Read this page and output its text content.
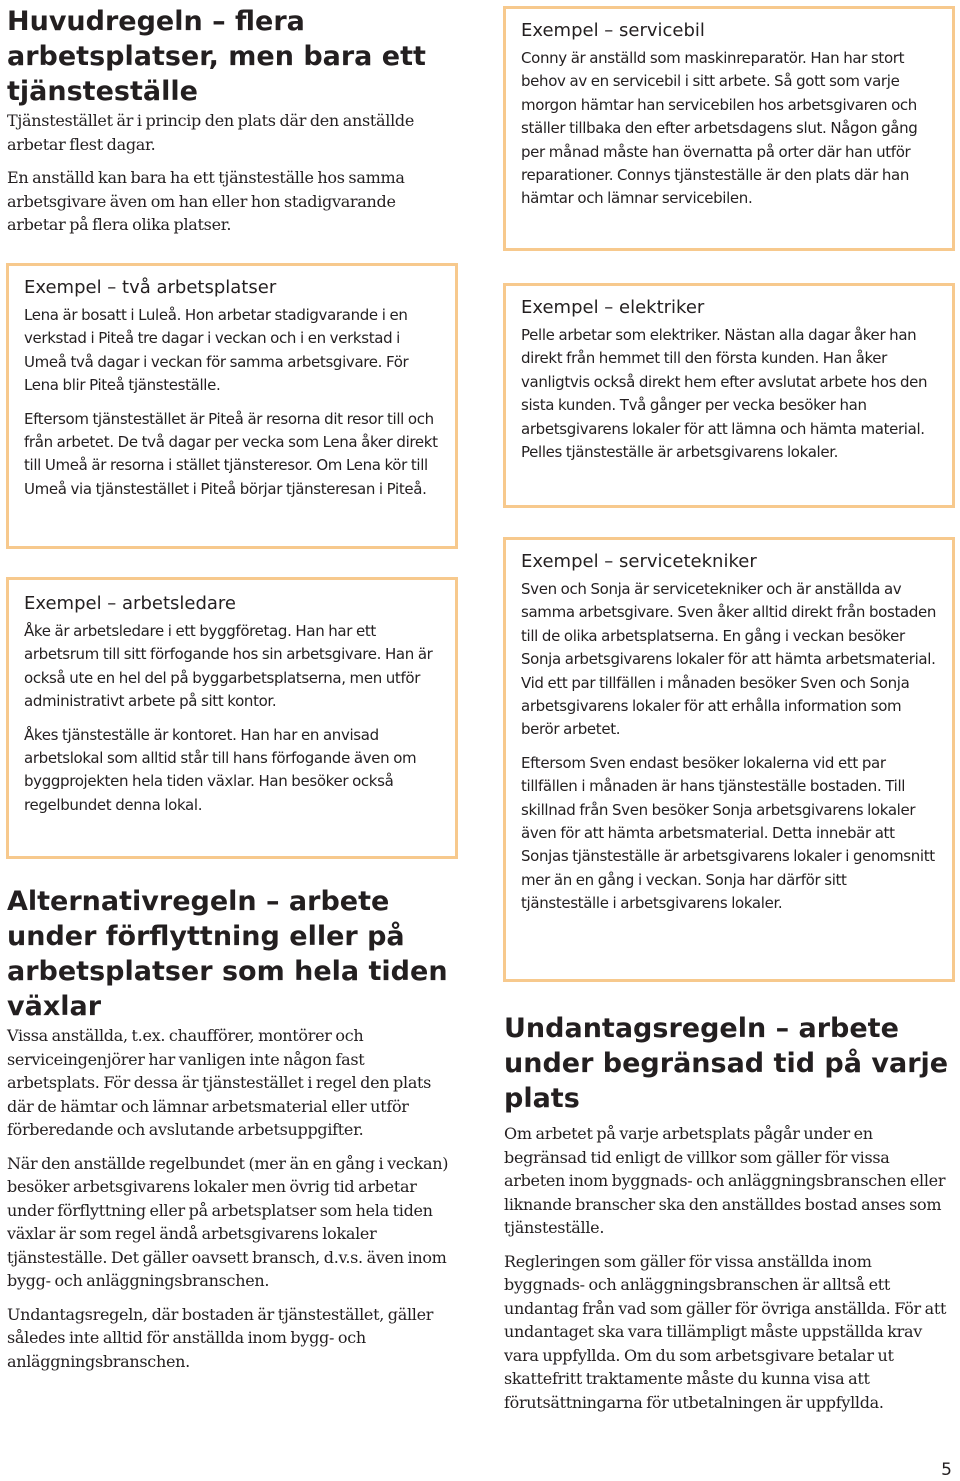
Huvudregeln – flera arbetsplatser, men bara ett tjänsteställe

Tjänstestället är i princip den plats där den anställde arbetar flest dagar.

En anställd kan bara ha ett tjänsteställe hos samma arbetsgivare även om han eller hon stadigvarande arbetar på flera olika platser.

Exempel – två arbetsplatser

Lena är bosatt i Luleå. Hon arbetar stadigvarande i en verkstad i Piteå tre dagar i veckan och i en verkstad i Umeå två dagar i veckan för samma arbetsgivare. För Lena blir Piteå tjänsteställe.

Eftersom tjänstestället är Piteå är resorna dit resor till och från arbetet. De två dagar per vecka som Lena åker direkt till Umeå är resorna i stället tjänsteresor. Om Lena kör till Umeå via tjänstestället i Piteå börjar tjänsteresan i Piteå.

Exempel – arbetsledare

Åke är arbetsledare i ett byggföretag. Han har ett arbetsrum till sitt förfogande hos sin arbetsgivare. Han är också ute en hel del på byggarbetsplatserna, men utför administrativt arbete på sitt kontor.

Åkes tjänsteställe är kontoret. Han har en anvisad arbetslokal som alltid står till hans förfogande även om byggprojekten hela tiden växlar. Han besöker också regelbundet denna lokal.

Alternativregeln – arbete under förflyttning eller på arbetsplatser som hela tiden växlar

Vissa anställda, t.ex. chaufförer, montörer och serviceingenjörer har vanligen inte någon fast arbetsplats. För dessa är tjänstestället i regel den plats där de hämtar och lämnar arbetsmaterial eller utför förberedande och avslutande arbetsuppgifter.

När den anställde regelbundet (mer än en gång i veckan) besöker arbetsgivarens lokaler men övrig tid arbetar under förflyttning eller på arbetsplatser som hela tiden växlar är som regel ändå arbetsgivarens lokaler tjänsteställe. Det gäller oavsett bransch, d.v.s. även inom bygg- och anläggningsbranschen.

Undantagsregeln, där bostaden är tjänstestället, gäller således inte alltid för anställda inom bygg- och anläggningsbranschen.

Exempel – servicebil

Conny är anställd som maskinreparatör. Han har stort behov av en servicebil i sitt arbete. Så gott som varje morgon hämtar han servicebilen hos arbetsgivaren och ställer tillbaka den efter arbetsdagens slut. Någon gång per månad måste han övernatta på orter där han utför reparationer. Connys tjänsteställe är den plats där han hämtar och lämnar servicebilen.

Exempel – elektriker

Pelle arbetar som elektriker. Nästan alla dagar åker han direkt från hemmet till den första kunden. Han åker vanligtvis också direkt hem efter avslutat arbete hos den sista kunden. Två gånger per vecka besöker han arbetsgivarens lokaler för att lämna och hämta material. Pelles tjänsteställe är arbetsgivarens lokaler.

Exempel – servicetekniker

Sven och Sonja är servicetekniker och är anställda av samma arbetsgivare. Sven åker alltid direkt från bostaden till de olika arbetsplatserna. En gång i veckan besöker Sonja arbetsgivarens lokaler för att hämta arbetsmaterial. Vid ett par tillfällen i månaden besöker Sven och Sonja arbetsgivarens lokaler för att erhålla information som berör arbetet.

Eftersom Sven endast besöker lokalerna vid ett par tillfällen i månaden är hans tjänsteställe bostaden. Till skillnad från Sven besöker Sonja arbetsgivarens lokaler även för att hämta arbetsmaterial. Detta innebär att Sonjas tjänsteställe är arbetsgivarens lokaler i genomsnitt mer än en gång i veckan. Sonja har därför sitt tjänsteställe i arbetsgivarens lokaler.

Undantagsregeln – arbete under begränsad tid på varje plats

Om arbetet på varje arbetsplats pågår under en begränsad tid enligt de villkor som gäller för vissa arbeten inom byggnads- och anläggningsbranschen eller liknande branscher ska den anställdes bostad anses som tjänsteställe.

Regleringen som gäller för vissa anställda inom byggnads- och anläggningsbranschen är alltså ett undantag från vad som gäller för övriga anställda. För att undantaget ska vara tillämpligt måste uppställda krav vara uppfyllda. Om du som arbetsgivare betalar ut skattefritt traktamente måste du kunna visa att förutsättningarna för utbetalningen är uppfyllda.

5
